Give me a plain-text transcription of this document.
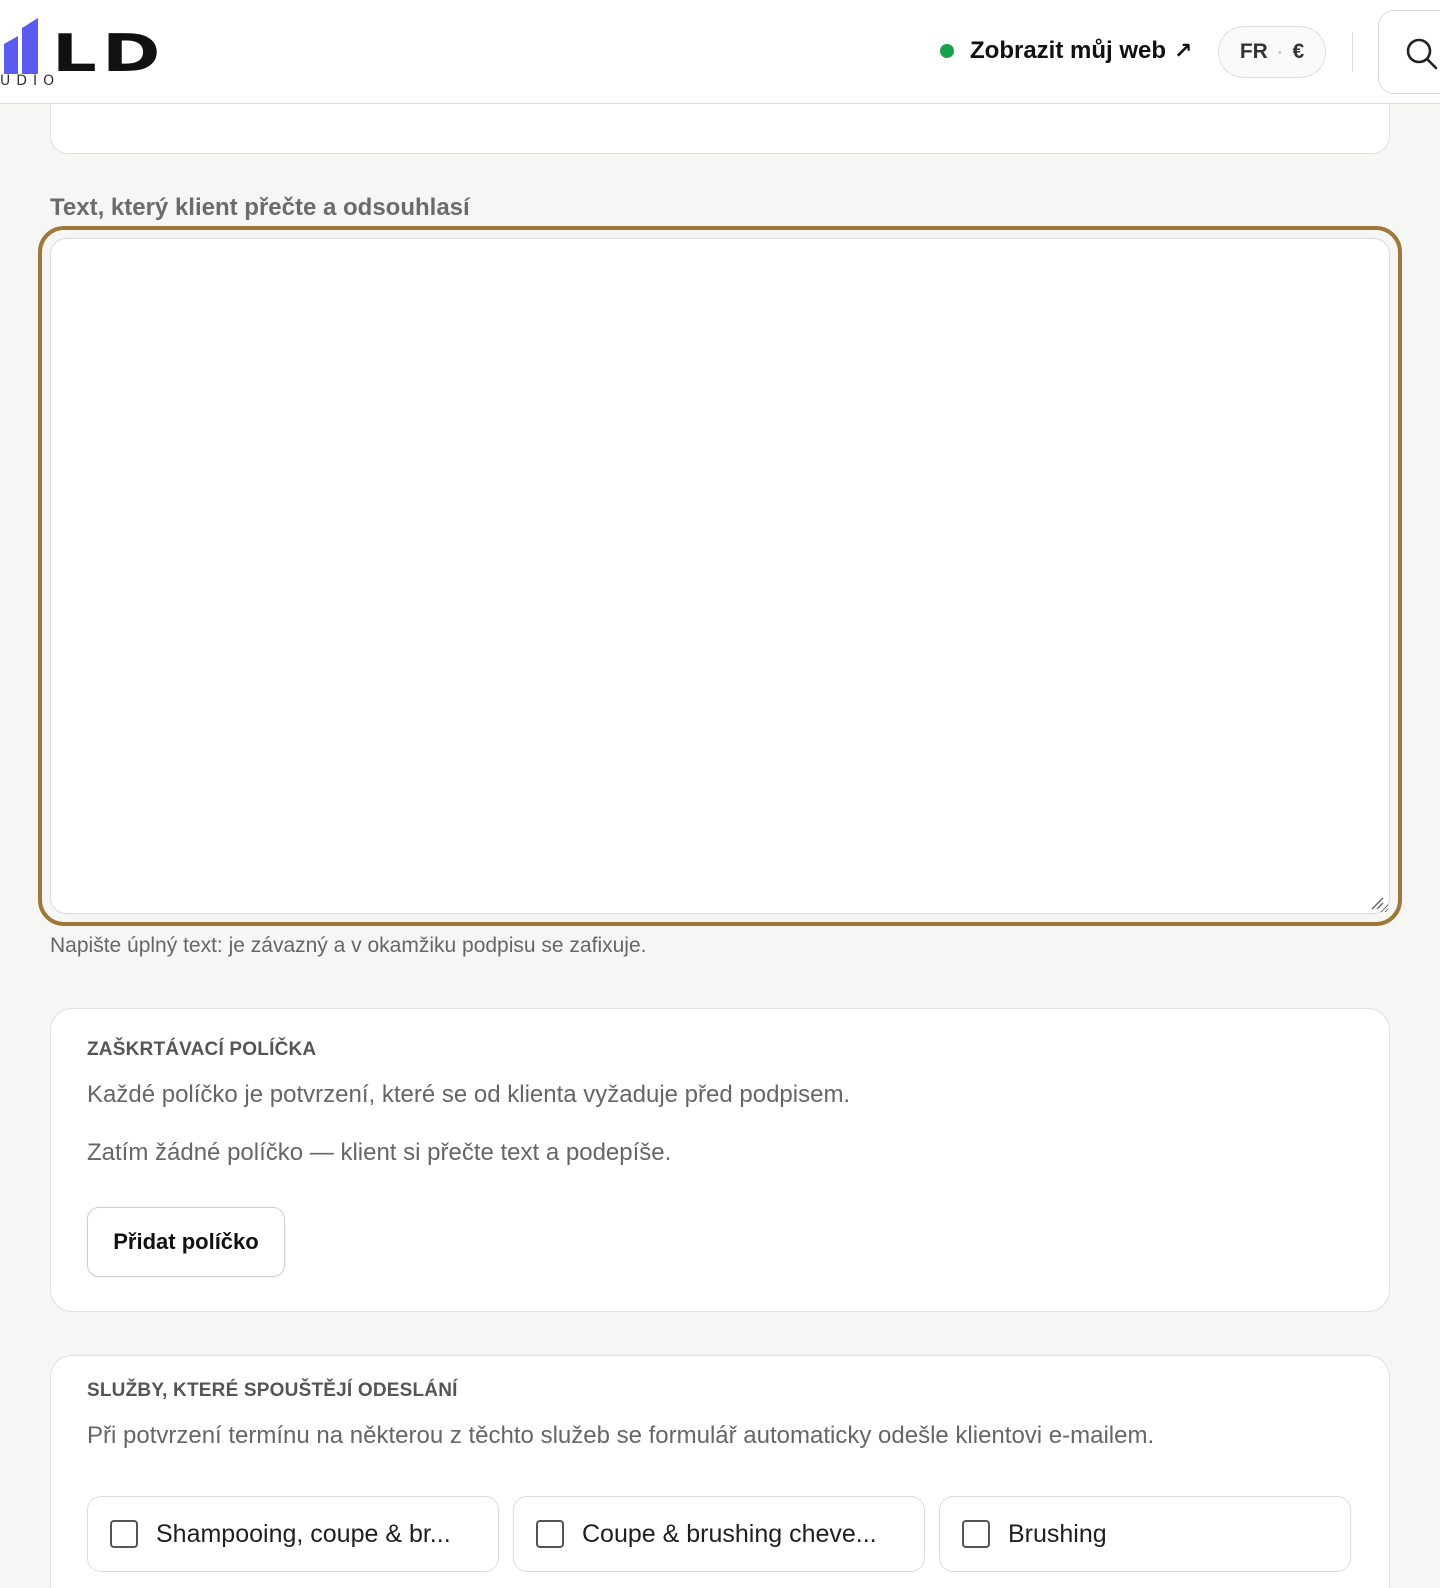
LD
UDIO
Zobrazit můj web ↗ FR · €
Text, který klient přečte a odsouhlasí
Napište úplný text: je závazný a v okamžiku podpisu se zafixuje.
ZAŠKRTÁVACÍ POLÍČKA
Každé políčko je potvrzení, které se od klienta vyžaduje před podpisem.
Zatím žádné políčko — klient si přečte text a podepíše.
Přidat políčko
SLUŽBY, KTERÉ SPOUŠTĚJÍ ODESLÁNÍ
Při potvrzení termínu na některou z těchto služeb se formulář automaticky odešle klientovi e-mailem.
Shampooing, coupe & br...	Coupe & brushing cheve...	Brushing
